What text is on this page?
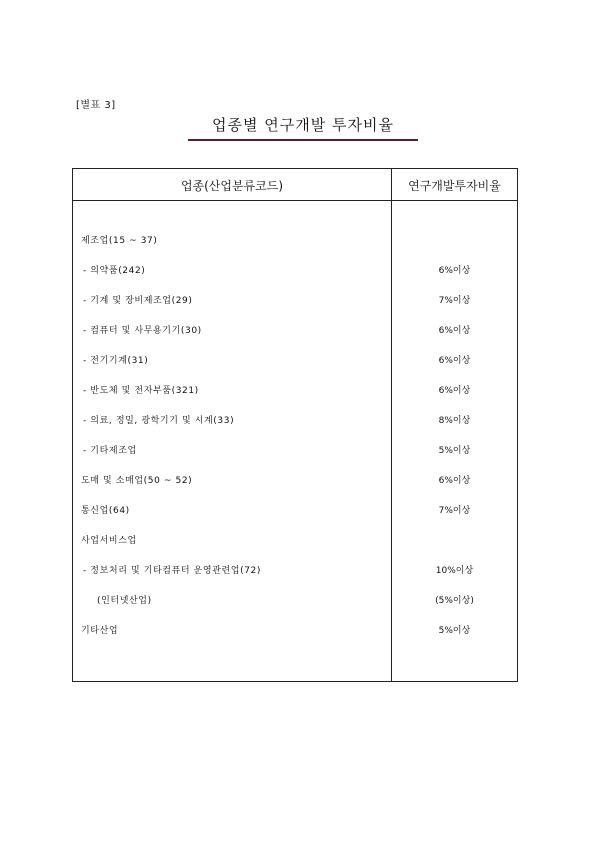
[별표 3]
업종별 연구개발 투자비율
업종(산업분류코드)	연구개발투자비율
제조업(15 ~ 37)
- 의약품(242)	6%이상
- 기계 및 장비제조업(29)	7%이상
- 컴퓨터 및 사무용기기(30)	6%이상
- 전기기계(31)	6%이상
- 반도체 및 전자부품(321)	6%이상
- 의료, 정밀, 광학기기 및 시계(33)	8%이상
- 기타제조업	5%이상
도매 및 소매업(50 ~ 52)	6%이상
통신업(64)	7%이상
사업서비스업
- 정보처리 및 기타컴퓨터 운영관련업(72)	10%이상
(인터넷산업)	(5%이상)
기타산업	5%이상
